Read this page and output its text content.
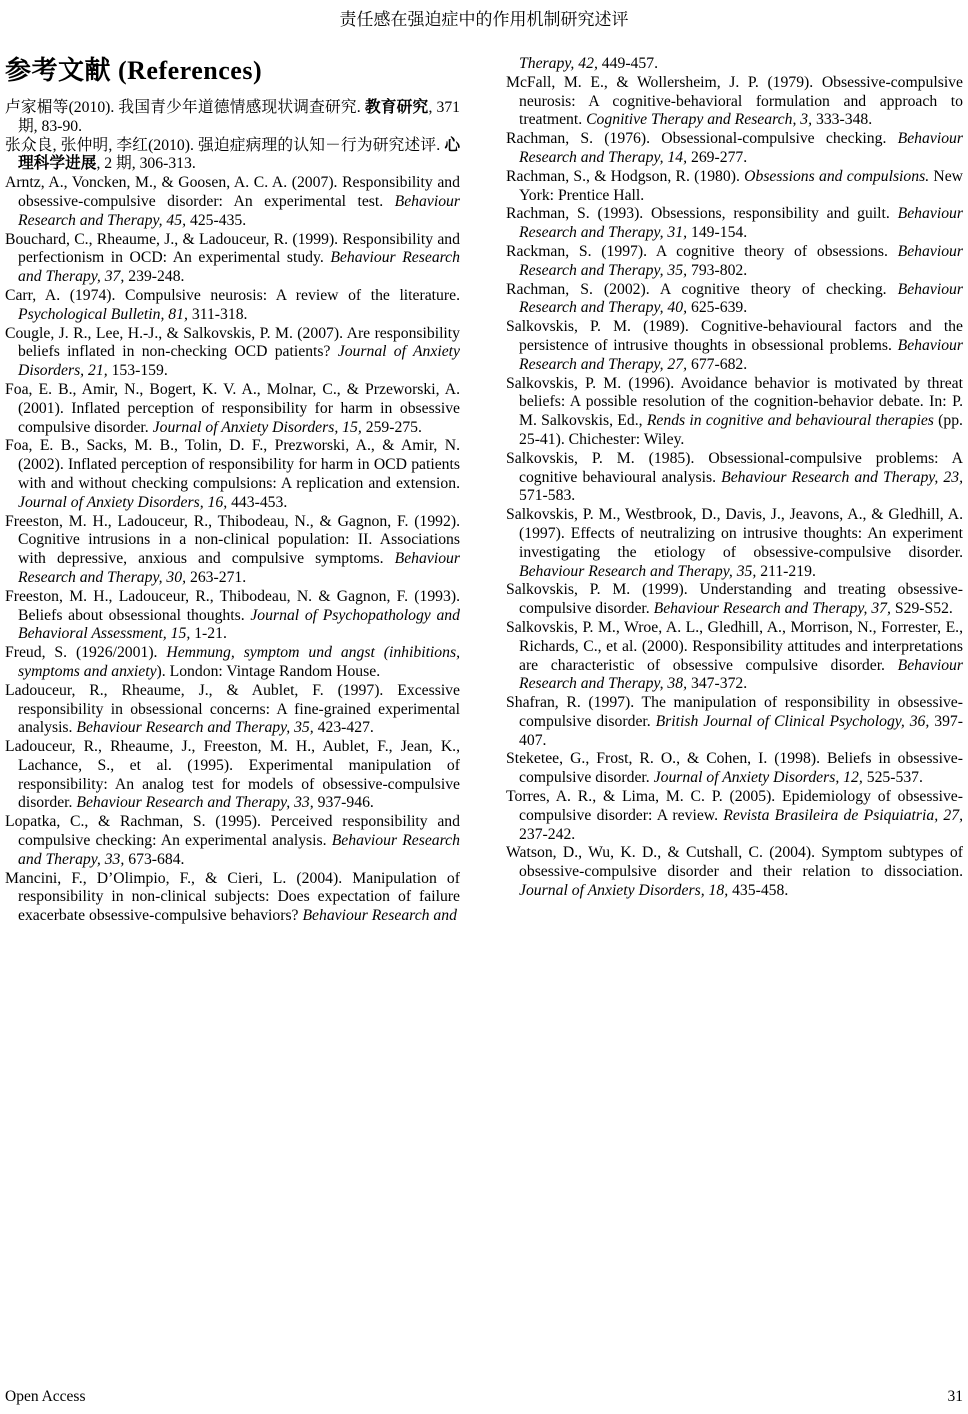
责任感在强迫症中的作用机制研究述评
参考文献 (References)

卢家楣等(2010). 我国青少年道德情感现状调查研究. 教育研究, 371 期, 83-90.

张众良, 张仲明, 李红(2010). 强迫症病理的认知－行为研究述评. 心理科学进展, 2 期, 306-313.

Arntz, A., Voncken, M., & Goosen, A. C. A. (2007). Responsibility and obsessive-compulsive disorder: An experimental test. Behaviour Research and Therapy, 45, 425-435.

Bouchard, C., Rheaume, J., & Ladouceur, R. (1999). Responsibility and perfectionism in OCD: An experimental study. Behaviour Research and Therapy, 37, 239-248.

Carr, A. (1974). Compulsive neurosis: A review of the literature. Psychological Bulletin, 81, 311-318.

Cougle, J. R., Lee, H.-J., & Salkovskis, P. M. (2007). Are responsibility beliefs inflated in non-checking OCD patients? Journal of Anxiety Disorders, 21, 153-159.

Foa, E. B., Amir, N., Bogert, K. V. A., Molnar, C., & Przeworski, A. (2001). Inflated perception of responsibility for harm in obsessive compulsive disorder. Journal of Anxiety Disorders, 15, 259-275.

Foa, E. B., Sacks, M. B., Tolin, D. F., Prezworski, A., & Amir, N. (2002). Inflated perception of responsibility for harm in OCD patients with and without checking compulsions: A replication and extension. Journal of Anxiety Disorders, 16, 443-453.

Freeston, M. H., Ladouceur, R., Thibodeau, N., & Gagnon, F. (1992). Cognitive intrusions in a non-clinical population: II. Associations with depressive, anxious and compulsive symptoms. Behaviour Research and Therapy, 30, 263-271.

Freeston, M. H., Ladouceur, R., Thibodeau, N. & Gagnon, F. (1993). Beliefs about obsessional thoughts. Journal of Psychopathology and Behavioral Assessment, 15, 1-21.

Freud, S. (1926/2001). Hemmung, symptom und angst (inhibitions, symptoms and anxiety). London: Vintage Random House.

Ladouceur, R., Rheaume, J., & Aublet, F. (1997). Excessive responsibility in obsessional concerns: A fine-grained experimental analysis. Behaviour Research and Therapy, 35, 423-427.

Ladouceur, R., Rheaume, J., Freeston, M. H., Aublet, F., Jean, K., Lachance, S., et al. (1995). Experimental manipulation of responsibility: An analog test for models of obsessive-compulsive disorder. Behaviour Research and Therapy, 33, 937-946.

Lopatka, C., & Rachman, S. (1995). Perceived responsibility and compulsive checking: An experimental analysis. Behaviour Research and Therapy, 33, 673-684.

Mancini, F., D’Olimpio, F., & Cieri, L. (2004). Manipulation of responsibility in non-clinical subjects: Does expectation of failure exacerbate obsessive-compulsive behaviors? Behaviour Research and

Therapy, 42, 449-457.

McFall, M. E., & Wollersheim, J. P. (1979). Obsessive-compulsive neurosis: A cognitive-behavioral formulation and approach to treatment. Cognitive Therapy and Research, 3, 333-348.

Rachman, S. (1976). Obsessional-compulsive checking. Behaviour Research and Therapy, 14, 269-277.

Rachman, S., & Hodgson, R. (1980). Obsessions and compulsions. New York: Prentice Hall.

Rachman, S. (1993). Obsessions, responsibility and guilt. Behaviour Research and Therapy, 31, 149-154.

Rackman, S. (1997). A cognitive theory of obsessions. Behaviour Research and Therapy, 35, 793-802.

Rachman, S. (2002). A cognitive theory of checking. Behaviour Research and Therapy, 40, 625-639.

Salkovskis, P. M. (1989). Cognitive-behavioural factors and the persistence of intrusive thoughts in obsessional problems. Behaviour Research and Therapy, 27, 677-682.

Salkovskis, P. M. (1996). Avoidance behavior is motivated by threat beliefs: A possible resolution of the cognition-behavior debate. In: P. M. Salkovskis, Ed., Rends in cognitive and behavioural therapies (pp. 25-41). Chichester: Wiley.

Salkovskis, P. M. (1985). Obsessional-compulsive problems: A cognitive behavioural analysis. Behaviour Research and Therapy, 23, 571-583.

Salkovskis, P. M., Westbrook, D., Davis, J., Jeavons, A., & Gledhill, A. (1997). Effects of neutralizing on intrusive thoughts: An experiment investigating the etiology of obsessive-compulsive disorder. Behaviour Research and Therapy, 35, 211-219.

Salkovskis, P. M. (1999). Understanding and treating obsessive-compulsive disorder. Behaviour Research and Therapy, 37, S29-S52.

Salkovskis, P. M., Wroe, A. L., Gledhill, A., Morrison, N., Forrester, E., Richards, C., et al. (2000). Responsibility attitudes and interpretations are characteristic of obsessive compulsive disorder. Behaviour Research and Therapy, 38, 347-372.

Shafran, R. (1997). The manipulation of responsibility in obsessive-compulsive disorder. British Journal of Clinical Psychology, 36, 397-407.

Steketee, G., Frost, R. O., & Cohen, I. (1998). Beliefs in obsessive-compulsive disorder. Journal of Anxiety Disorders, 12, 525-537.

Torres, A. R., & Lima, M. C. P. (2005). Epidemiology of obsessive-compulsive disorder: A review. Revista Brasileira de Psiquiatria, 27, 237-242.

Watson, D., Wu, K. D., & Cutshall, C. (2004). Symptom subtypes of obsessive-compulsive disorder and their relation to dissociation. Journal of Anxiety Disorders, 18, 435-458.

Open Access	31
